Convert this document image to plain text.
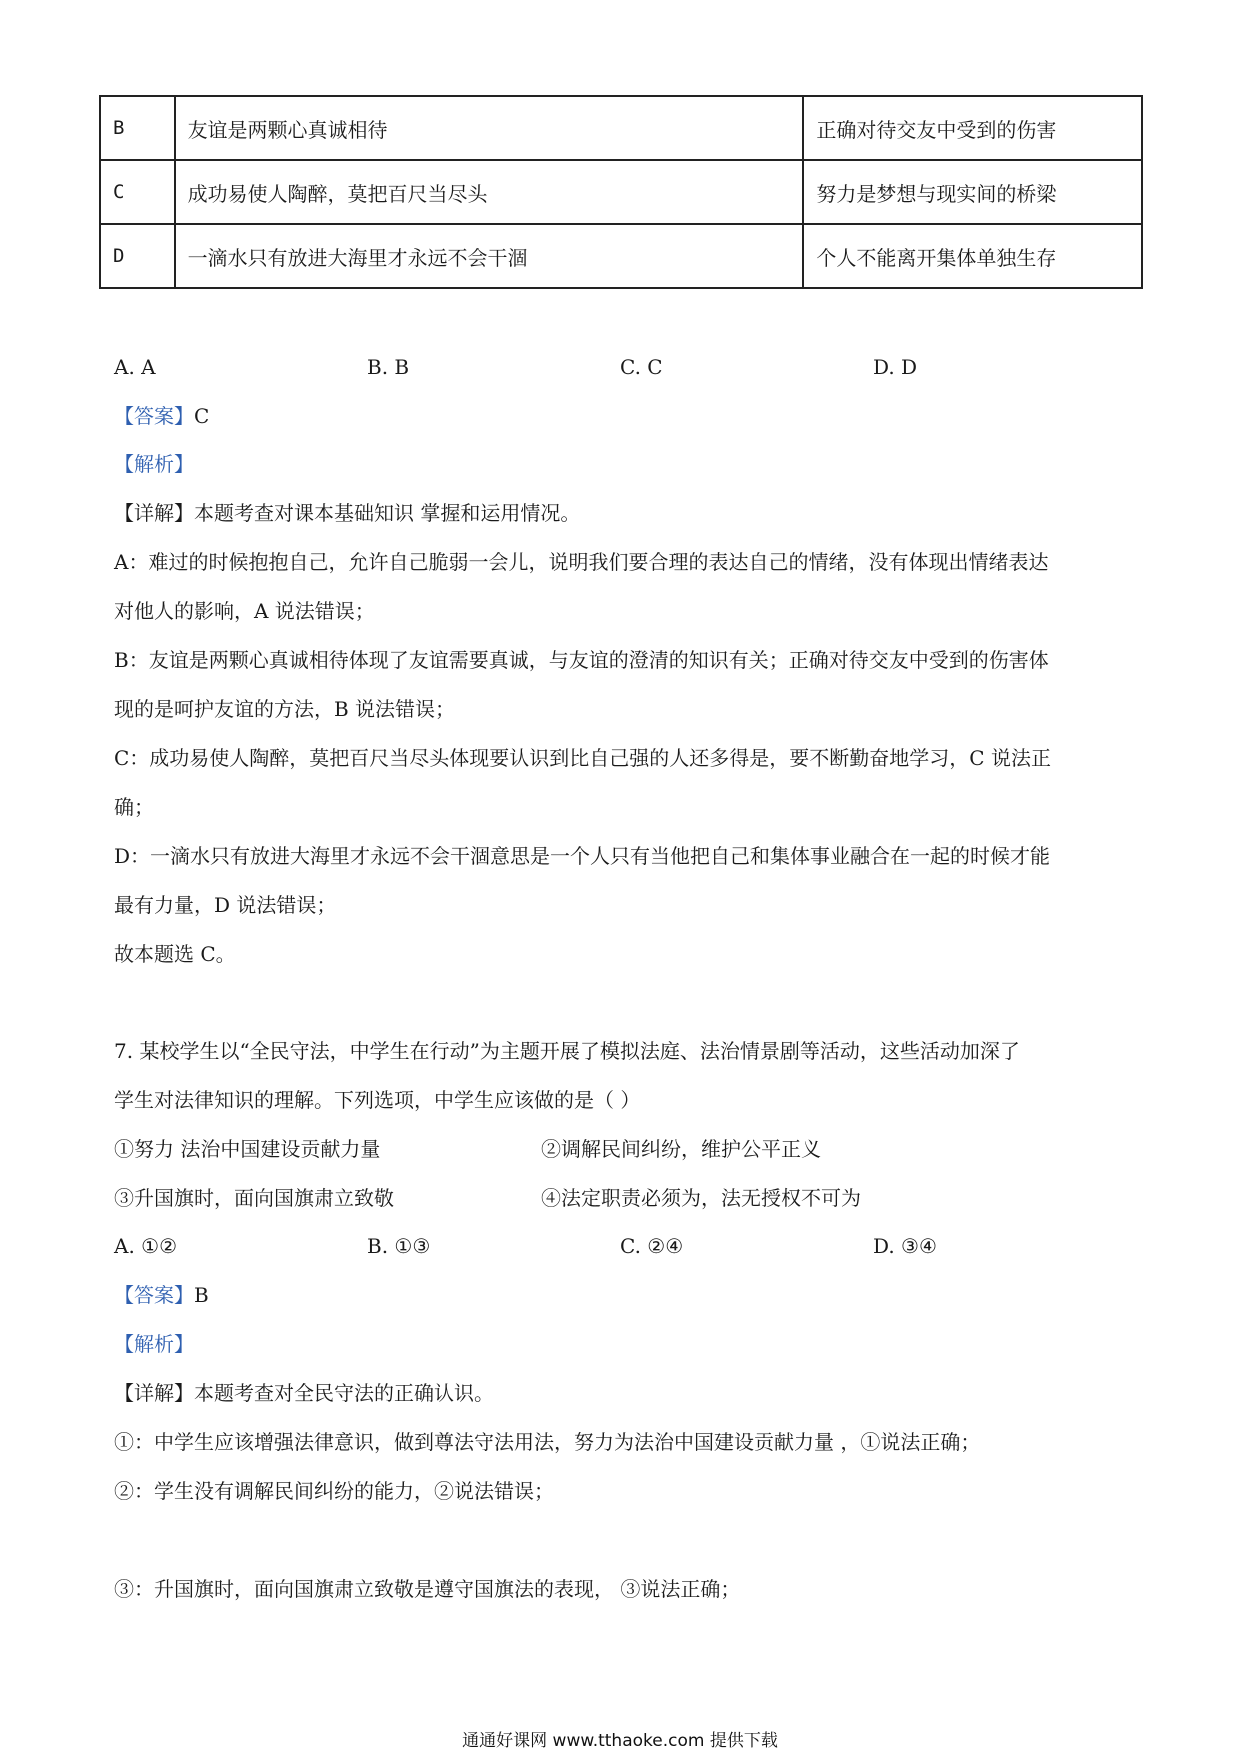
B	友谊是两颗心真诚相待	正确对待交友中受到的伤害
C	成功易使人陶醉，莫把百尺当尽头	努力是梦想与现实间的桥梁
D	一滴水只有放进大海里才永远不会干涸	个人不能离开集体单独生存
A. A	B. B	C. C	D. D
【答案】C
【解析】
【详解】本题考查对课本基础知识 掌握和运用情况。
A：难过的时候抱抱自己，允许自己脆弱一会儿，说明我们要合理的表达自己的情绪，没有体现出情绪表达
对他人的影响，A 说法错误；
B：友谊是两颗心真诚相待体现了友谊需要真诚，与友谊的澄清的知识有关；正确对待交友中受到的伤害体
现的是呵护友谊的方法，B 说法错误；
C：成功易使人陶醉，莫把百尺当尽头体现要认识到比自己强的人还多得是，要不断勤奋地学习，C 说法正
确；
D：一滴水只有放进大海里才永远不会干涸意思是一个人只有当他把自己和集体事业融合在一起的时候才能
最有力量，D 说法错误；
故本题选 C。
7. 某校学生以“全民守法，中学生在行动”为主题开展了模拟法庭、法治情景剧等活动，这些活动加深了
学生对法律知识的理解。下列选项，中学生应该做的是（ ）
①努力 法治中国建设贡献力量	②调解民间纠纷，维护公平正义
③升国旗时，面向国旗肃立致敬	④法定职责必须为，法无授权不可为
A. ①②	B. ①③	C. ②④	D. ③④
【答案】B
【解析】
【详解】本题考查对全民守法的正确认识。
①：中学生应该增强法律意识，做到尊法守法用法，努力为法治中国建设贡献力量 ，①说法正确；
②：学生没有调解民间纠纷的能力，②说法错误；
③：升国旗时，面向国旗肃立致敬是遵守国旗法的表现， ③说法正确；
通通好课网 www.tthaoke.com 提供下载
